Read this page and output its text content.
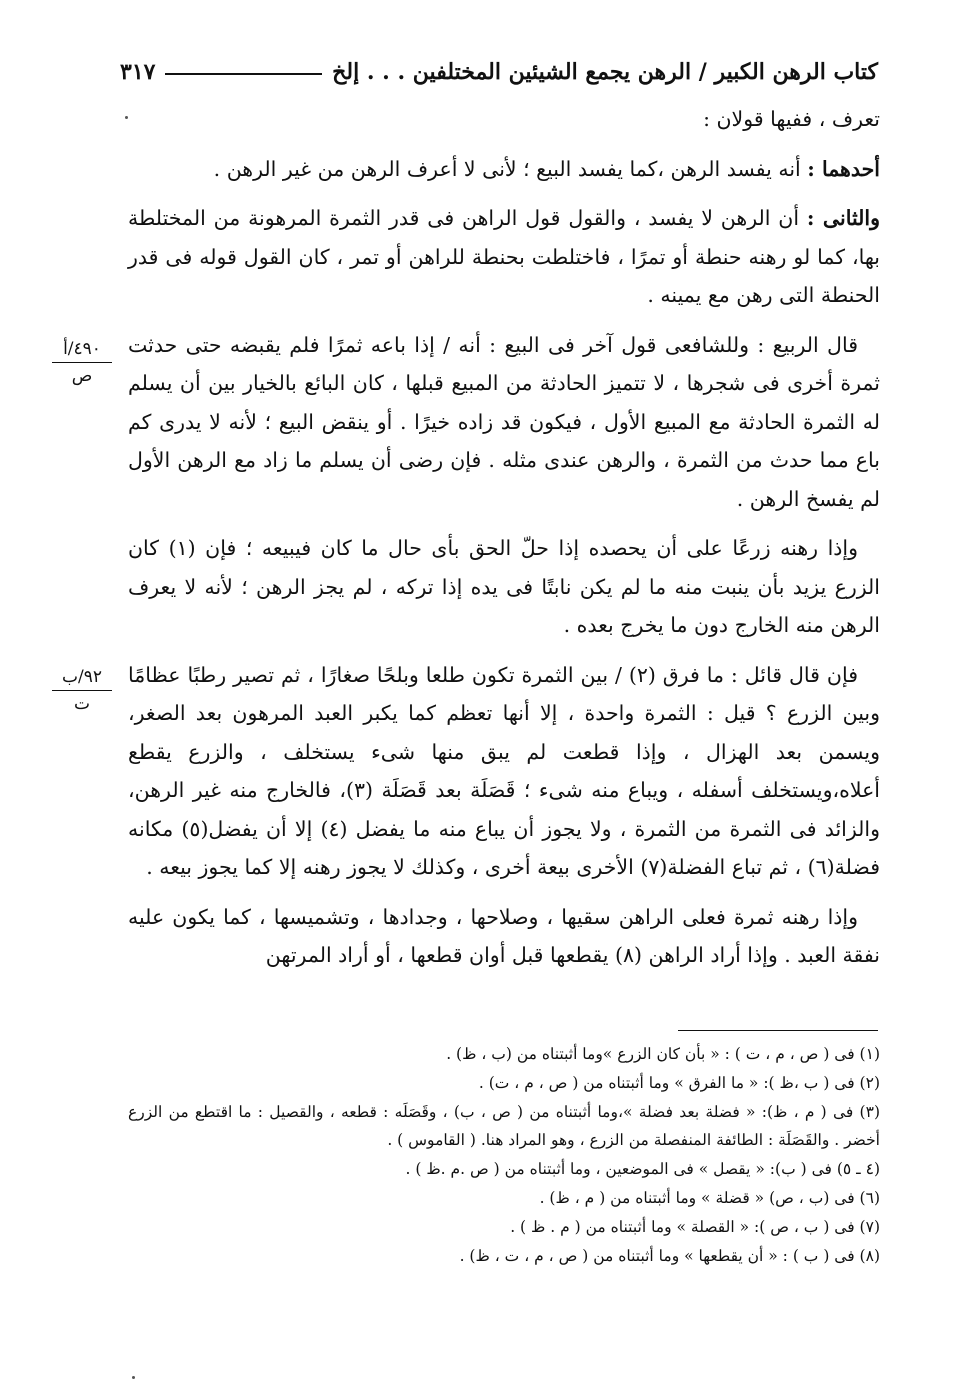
كتاب الرهن الكبير / الرهن يجمع الشيئين المختلفين . . . إلخ
٣١٧

تعرف ، ففيها قولان :

أحدهما : أنه يفسد الرهن ،كما يفسد البيع ؛ لأنى لا أعرف الرهن من غير الرهن .

والثانى : أن الرهن لا يفسد ، والقول قول الراهن فى قدر الثمرة المرهونة من المختلطة بها، كما لو رهنه حنطة أو تمرًا ، فاختلطت بحنطة للراهن أو تمر ، كان القول قوله فى قدر الحنطة التى رهن مع يمينه .

قال الربيع : وللشافعى قول آخر فى البيع : أنه / إذا باعه ثمرًا فلم يقبضه حتى حدثت ثمرة أخرى فى شجرها ، لا تتميز الحادثة من المبيع قبلها ، كان البائع بالخيار بين أن يسلم له الثمرة الحادثة مع المبيع الأول ، فيكون قد زاده خيرًا . أو ينقض البيع ؛ لأنه لا يدرى كم باع مما حدث من الثمرة ، والرهن عندى مثله . فإن رضى أن يسلم ما زاد مع الرهن الأول لم يفسخ الرهن .

وإذا رهنه زرعًا على أن يحصده إذا حلّ الحق بأى حال ما كان فيبيعه ؛ فإن (١) كان الزرع يزيد بأن ينبت منه ما لم يكن نابتًا فى يده إذا تركه ، لم يجز الرهن ؛ لأنه لا يعرف الرهن منه الخارج دون ما يخرج بعده .

فإن قال قائل : ما فرق (٢) / بين الثمرة تكون طلعا وبلحًا صغارًا ، ثم تصير رطبًا عظامًا وبين الزرع ؟ قيل : الثمرة واحدة ، إلا أنها تعظم كما يكبر العبد المرهون بعد الصغر، ويسمن بعد الهزال ، وإذا قطعت لم يبق منها شىء يستخلف ، والزرع يقطع أعلاه،ويستخلف أسفله ، ويباع منه شىء ؛ قَصَلَة بعد قَصَلَة (٣)، فالخارج منه غير الرهن، والزائد فى الثمرة من الثمرة ، ولا يجوز أن يباع منه ما يفضل (٤) إلا أن يفضل(٥) مكانه فضلة(٦) ، ثم تباع الفضلة(٧) الأخرى بيعة أخرى ، وكذلك لا يجوز رهنه إلا كما يجوز بيعه .

وإذا رهنه ثمرة فعلى الراهن سقيها ، وصلاحها ، وجدادها ، وتشميسها ، كما يكون عليه نفقة العبد . وإذا أراد الراهن (٨) يقطعها قبل أوان قطعها ، أو أراد المرتهن

٤٩٠/أ
ص
٩٢/ب
ت

(١) فى ( ص ، م ، ت ) : « بأن كان الزرع »وما أثبتناه من (ب ، ظ) .

(٢) فى ( ب ،ظ ): « ما الفرق » وما أثبتناه من ( ص ، م ، ت) .

(٣) فى ( م ، ظ): « فضلة بعد فضلة »،وما أثبتناه من ( ص ، ب) ، وقَصَلَه : قطعه ، والقصيل : ما اقتطع من الزرع أخضر . والقَصَلَة : الطائفة المنفصلة من الزرع ، وهو المراد هنا. ( القاموس ) .

(٤ ـ ٥) فى ( ب): « يقصل » فى الموضعين ، وما أثبتناه من ( ص .م .ظ ) .

(٦) فى (ب ، ص) « قضلة » وما أثبتناه من ( م ، ظ) .

(٧) فى ( ب ، ص ): « القصلة » وما أثبتناه من ( م . ظ ) .

(٨) فى ( ب ) : « أن يقطعها » وما أثبتناه من ( ص ، م ، ت ، ظ) .
